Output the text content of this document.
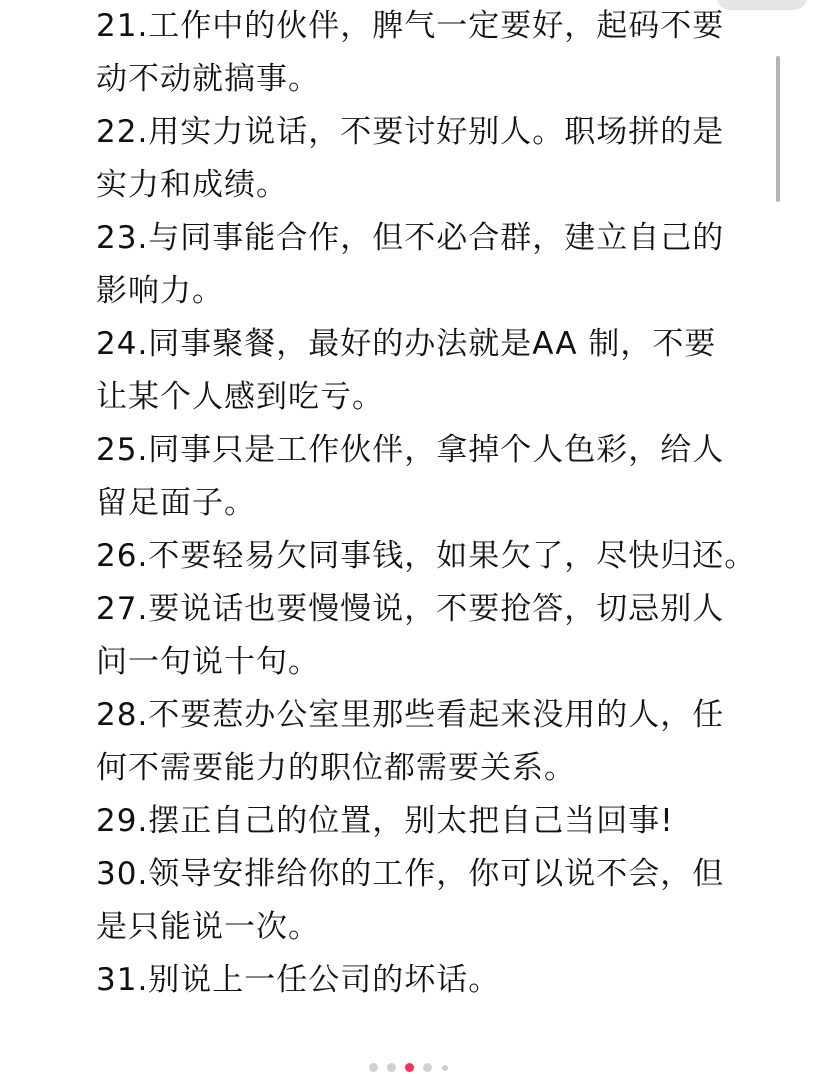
21.工作中的伙伴，脾气一定要好，起码不要
动不动就搞事。
22.用实力说话，不要讨好别人。职场拼的是
实力和成绩。
23.与同事能合作，但不必合群，建立自己的
影响力。
24.同事聚餐，最好的办法就是AA 制，不要
让某个人感到吃亏。
25.同事只是工作伙伴，拿掉个人色彩，给人
留足面子。
26.不要轻易欠同事钱，如果欠了，尽快归还。
27.要说话也要慢慢说，不要抢答，切忌别人
问一句说十句。
28.不要惹办公室里那些看起来没用的人，任
何不需要能力的职位都需要关系。
29.摆正自己的位置，别太把自己当回事!
30.领导安排给你的工作，你可以说不会，但
是只能说一次。
31.别说上一任公司的坏话。
